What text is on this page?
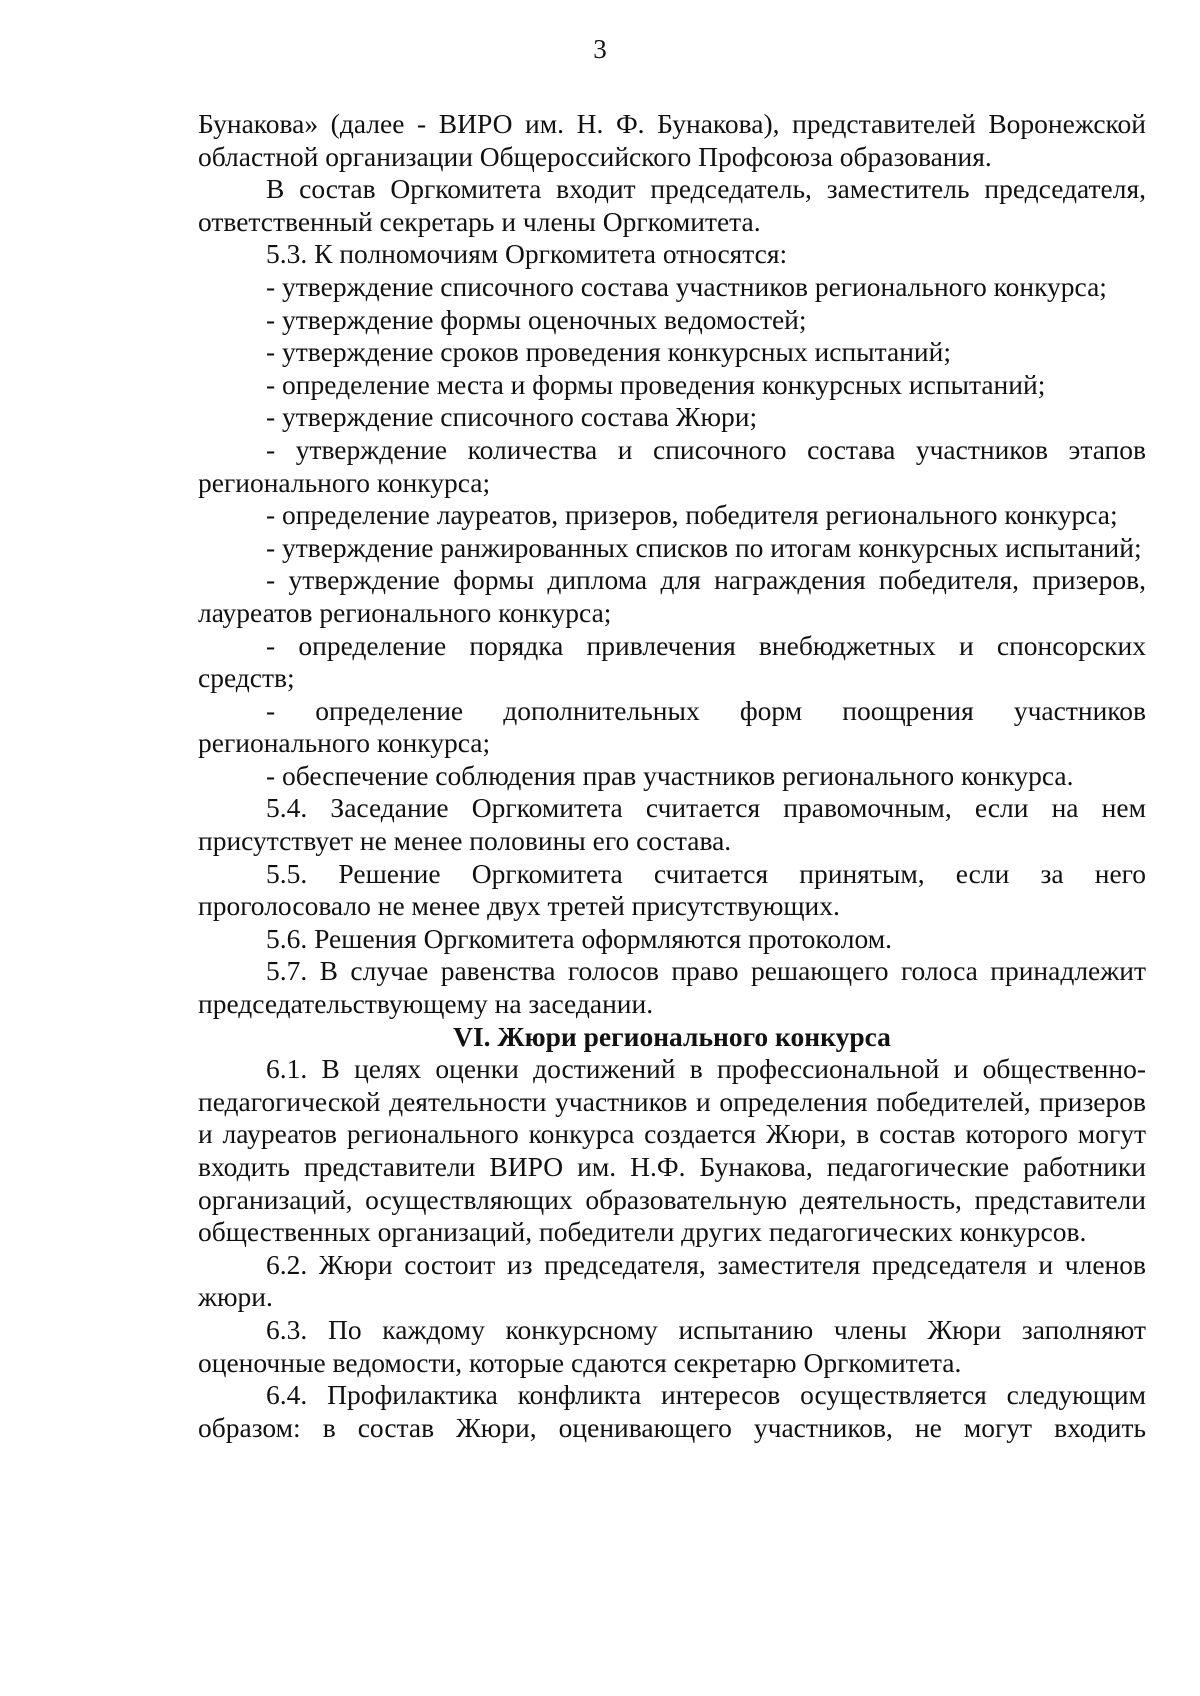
3

Бунакова» (далее - ВИРО им. Н. Ф. Бунакова), представителей Воронежской областной организации Общероссийского Профсоюза образования.

В состав Оргкомитета входит председатель, заместитель председателя, ответственный секретарь и члены Оргкомитета.

5.3. К полномочиям Оргкомитета относятся:

- утверждение списочного состава участников регионального конкурса;

- утверждение формы оценочных ведомостей;

- утверждение сроков проведения конкурсных испытаний;

- определение места и формы проведения конкурсных испытаний;

- утверждение списочного состава Жюри;

- утверждение количества и списочного состава участников этапов регионального конкурса;

- определение лауреатов, призеров, победителя регионального конкурса;

- утверждение ранжированных списков по итогам конкурсных испытаний;

- утверждение формы диплома для награждения победителя, призеров, лауреатов регионального конкурса;

- определение порядка привлечения внебюджетных и спонсорских средств;

- определение дополнительных форм поощрения участников регионального конкурса;

- обеспечение соблюдения прав участников регионального конкурса.

5.4. Заседание Оргкомитета считается правомочным, если на нем присутствует не менее половины его состава.

5.5. Решение Оргкомитета считается принятым, если за него проголосовало не менее двух третей присутствующих.

5.6. Решения Оргкомитета оформляются протоколом.

5.7. В случае равенства голосов право решающего голоса принадлежит председательствующему на заседании.

VI. Жюри регионального конкурса

6.1. В целях оценки достижений в профессиональной и общественно-педагогической деятельности участников и определения победителей, призеров и лауреатов регионального конкурса создается Жюри, в состав которого могут входить представители ВИРО им. Н.Ф. Бунакова, педагогические работники организаций, осуществляющих образовательную деятельность, представители общественных организаций, победители других педагогических конкурсов.

6.2. Жюри состоит из председателя, заместителя председателя и членов жюри.

6.3. По каждому конкурсному испытанию члены Жюри заполняют оценочные ведомости, которые сдаются секретарю Оргкомитета.

6.4. Профилактика конфликта интересов осуществляется следующим образом: в состав Жюри, оценивающего участников, не могут входить
